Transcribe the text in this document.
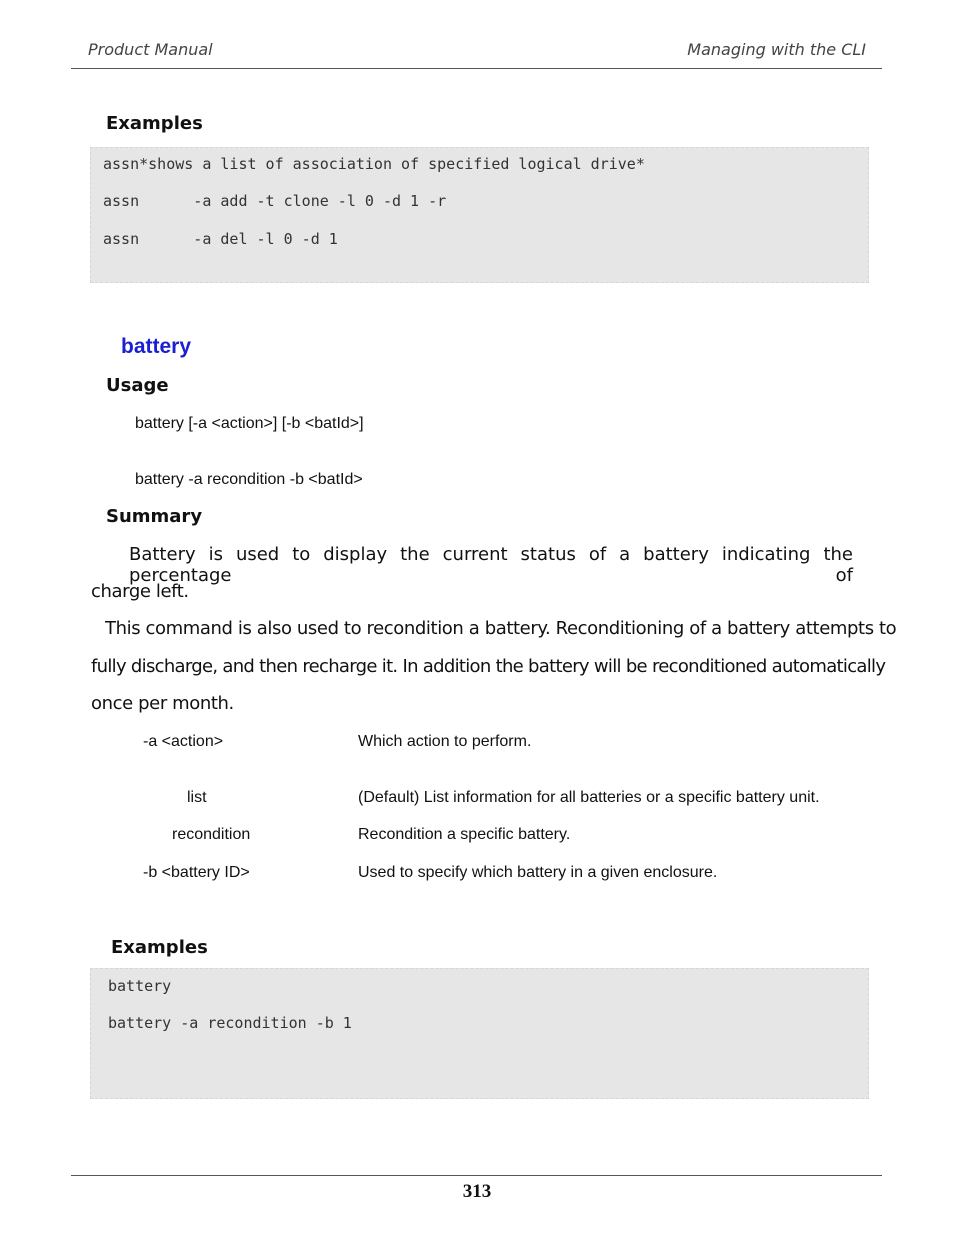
Product Manual	Managing with the CLI
Examples
assn*shows a list of association of specified logical drive*
assn      -a add -t clone -l 0 -d 1 -r
assn      -a del -l 0 -d 1
battery
Usage
battery [-a <action>] [-b <batId>]
battery -a recondition -b <batId>
Summary
Battery is used to display the current status of a battery indicating the percentage of
charge left.
This command is also used to recondition a battery. Reconditioning of a battery attempts to
fully discharge, and then recharge it. In addition the battery will be reconditioned automatically
once per month.
-a <action>	Which action to perform.
list	(Default) List information for all batteries or a specific battery unit.
recondition	Recondition a specific battery.
-b <battery ID>	Used to specify which battery in a given enclosure.
Examples
battery
battery -a recondition -b 1
313
